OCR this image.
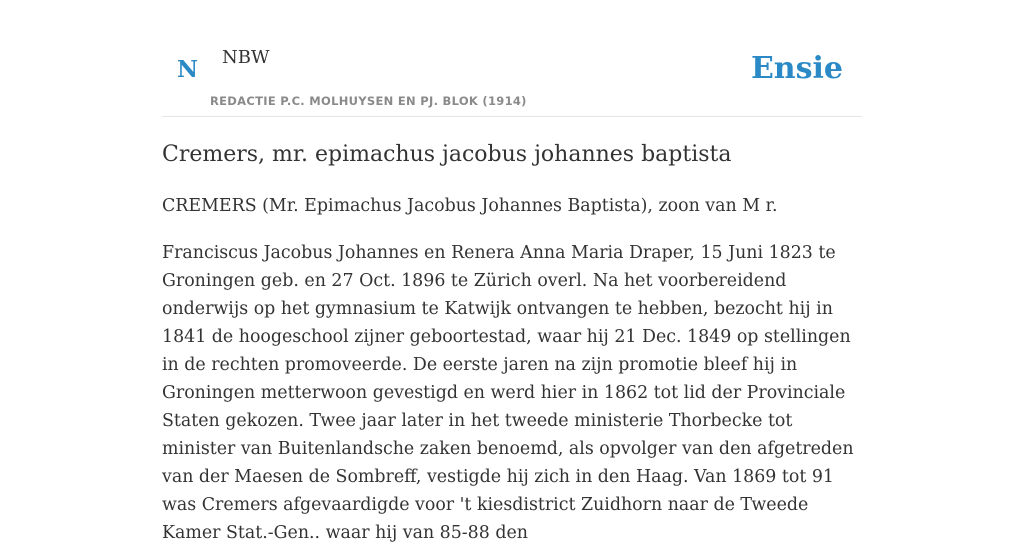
N NBW
REDACTIE P.C. MOLHUYSEN EN PJ. BLOK (1914)
Ensie
Cremers, mr. epimachus jacobus johannes baptista

CREMERS (Mr. Epimachus Jacobus Johannes Baptista), zoon van M r.

Franciscus Jacobus Johannes en Renera Anna Maria Draper, 15 Juni 1823 te Groningen geb. en 27 Oct. 1896 te Zürich overl. Na het voorbereidend onderwijs op het gymnasium te Katwijk ontvangen te hebben, bezocht hij in 1841 de hoogeschool zijner geboortestad, waar hij 21 Dec. 1849 op stellingen in de rechten promoveerde. De eerste jaren na zijn promotie bleef hij in Groningen metterwoon gevestigd en werd hier in 1862 tot lid der Provinciale Staten gekozen. Twee jaar later in het tweede ministerie Thorbecke tot minister van Buitenlandsche zaken benoemd, als opvolger van den afgetreden van der Maesen de Sombreff, vestigde hij zich in den Haag. Van 1869 tot 91 was Cremers afgevaardigde voor 't kiesdistrict Zuidhorn naar de Tweede Kamer Stat.-Gen.. waar hij van 85-88 den
